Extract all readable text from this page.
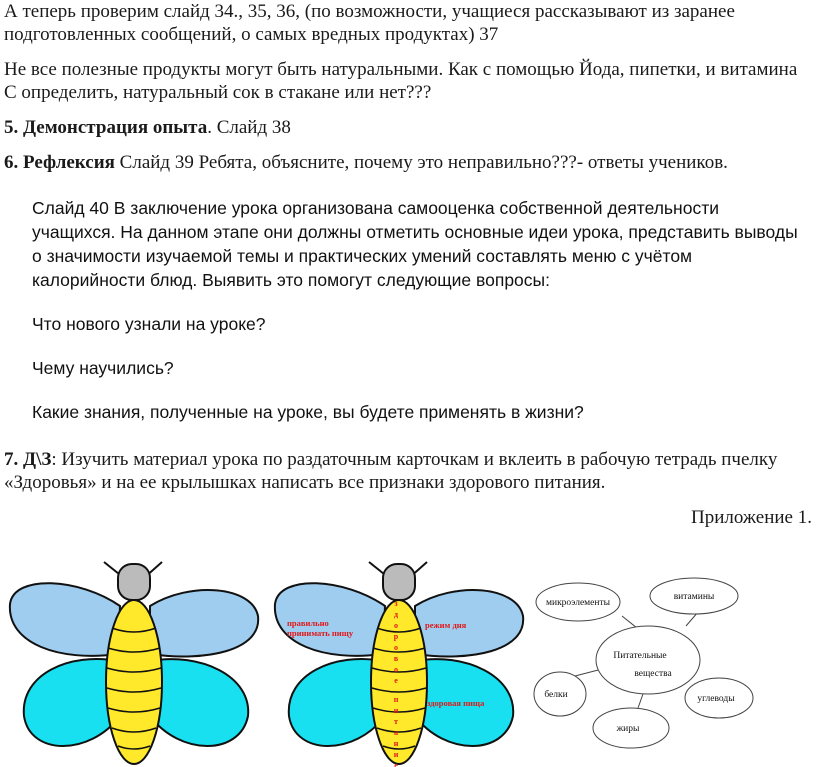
А теперь проверим слайд 34., 35, 36, (по возможности, учащиеся рассказывают из заранее подготовленных сообщений, о самых вредных продуктах) 37

Не все полезные продукты могут быть натуральными. Как с помощью Йода, пипетки, и витамина С определить, натуральный сок в стакане или нет???

5. Демонстрация опыта. Слайд 38

6. Рефлексия Слайд 39 Ребята, объясните, почему это неправильно???- ответы учеников.

Слайд 40 В заключение урока организована самооценка собственной деятельности учащихся. На данном этапе они должны отметить основные идеи урока, представить выводы о значимости изучаемой темы и практических умений составлять меню с учётом калорийности блюд. Выявить это помогут следующие вопросы:

Что нового узнали на уроке?

Чему научились?

Какие знания, полученные на уроке, вы будете применять в жизни?

7. Д\З: Изучить материал урока по раздаточным карточкам и вклеить в рабочую тетрадь пчелку «Здоровья» и на ее крылышках написать все признаки здорового питания.

Приложение 1.
правильно
принимать пищу
режим дня
здоровая пища
з
д
о
р
о
в
о
е
п
и
т
а
н
и
е
микроэлементы
витамины
Питательные
вещества
белки	углеводы
жиры
